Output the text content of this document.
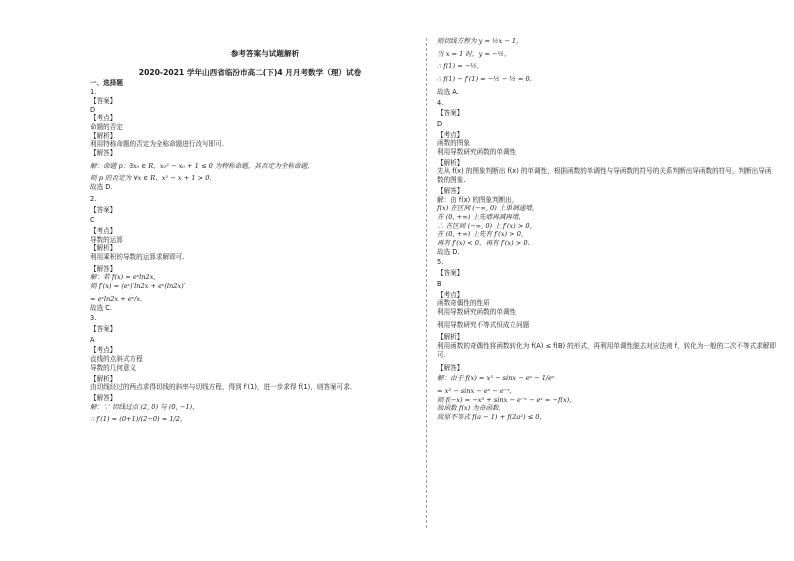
参考答案与试题解析
2020-2021 学年山西省临汾市高二(下)4 月月考数学（理）试卷
一、选择题
1.
【答案】
D
【考点】
命题的否定
【解析】
利用特称命题的否定为全称命题进行改写即可.
【解答】
解：命题 p：∃x₀ ∈ R，x₀² − x₀ + 1 ≤ 0 为特称命题，其否定为全称命题，
则 p 的否定为 ∀x ∈ R，x² − x + 1 > 0.
故选 D.
2.
【答案】
C
【考点】
导数的运算
【解析】
利用乘积的导数的运算求解即可.
【解答】
解：若 f(x) = eˣln2x,
则 f′(x) = (eˣ)′ln2x + eˣ(ln2x)′
= eˣln2x + eˣ/x.
故选 C.
3.
【答案】
A
【考点】
直线的点斜式方程
导数的几何意义
【解析】
由切线经过的两点求得切线的斜率与切线方程，得到 f′(1)，进一步求得 f(1)，则答案可求.
【解答】
解：∵ 切线过点 (2, 0) 与 (0, −1)，
∴ f′(1) = (0+1)/(2−0) = 1/2，
则切线方程为 y = ½x − 1，
当 x = 1 时，y = −½，
∴ f(1) = −½，
∴ f(1) − f′(1) = −½ − ½ = 0.
故选 A.
4.
【答案】
D
【考点】
函数的图象
利用导数研究函数的单调性
【解析】
先从 f(x) 的图象判断出 f(x) 的单调性，根据函数的单调性与导函数的符号的关系判断出导函数的符号，判断出导函数的图象.
【解答】
解：由 f(x) 的图象判断出，
f(x) 在区间 (−∞, 0) 上单调递增，
在 (0, +∞) 上先增再减再增，
∴ 在区间 (−∞, 0) 上 f′(x) > 0，
在 (0, +∞) 上先有 f′(x) > 0，
再有 f′(x) < 0，再有 f′(x) > 0.
故选 D.
5.
【答案】
B
【考点】
函数奇偶性的性质
利用导数研究函数的单调性
利用导数研究不等式恒成立问题
【解析】
利用函数的奇偶性将函数转化为 f(A) ≤ f(B) 的形式，再利用单调性脱去对应法则 f，转化为一般的二次不等式求解即可.
【解答】
解：由于 f(x) = x³ − sinx − eˣ − 1/eˣ
= x³ − sinx − eˣ − e⁻ˣ，
则 f(−x) = −x³ + sinx − e⁻ˣ − eˣ = −f(x)，
故函数 f(x) 为奇函数.
故原不等式 f(a − 1) + f(2a²) ≤ 0，
